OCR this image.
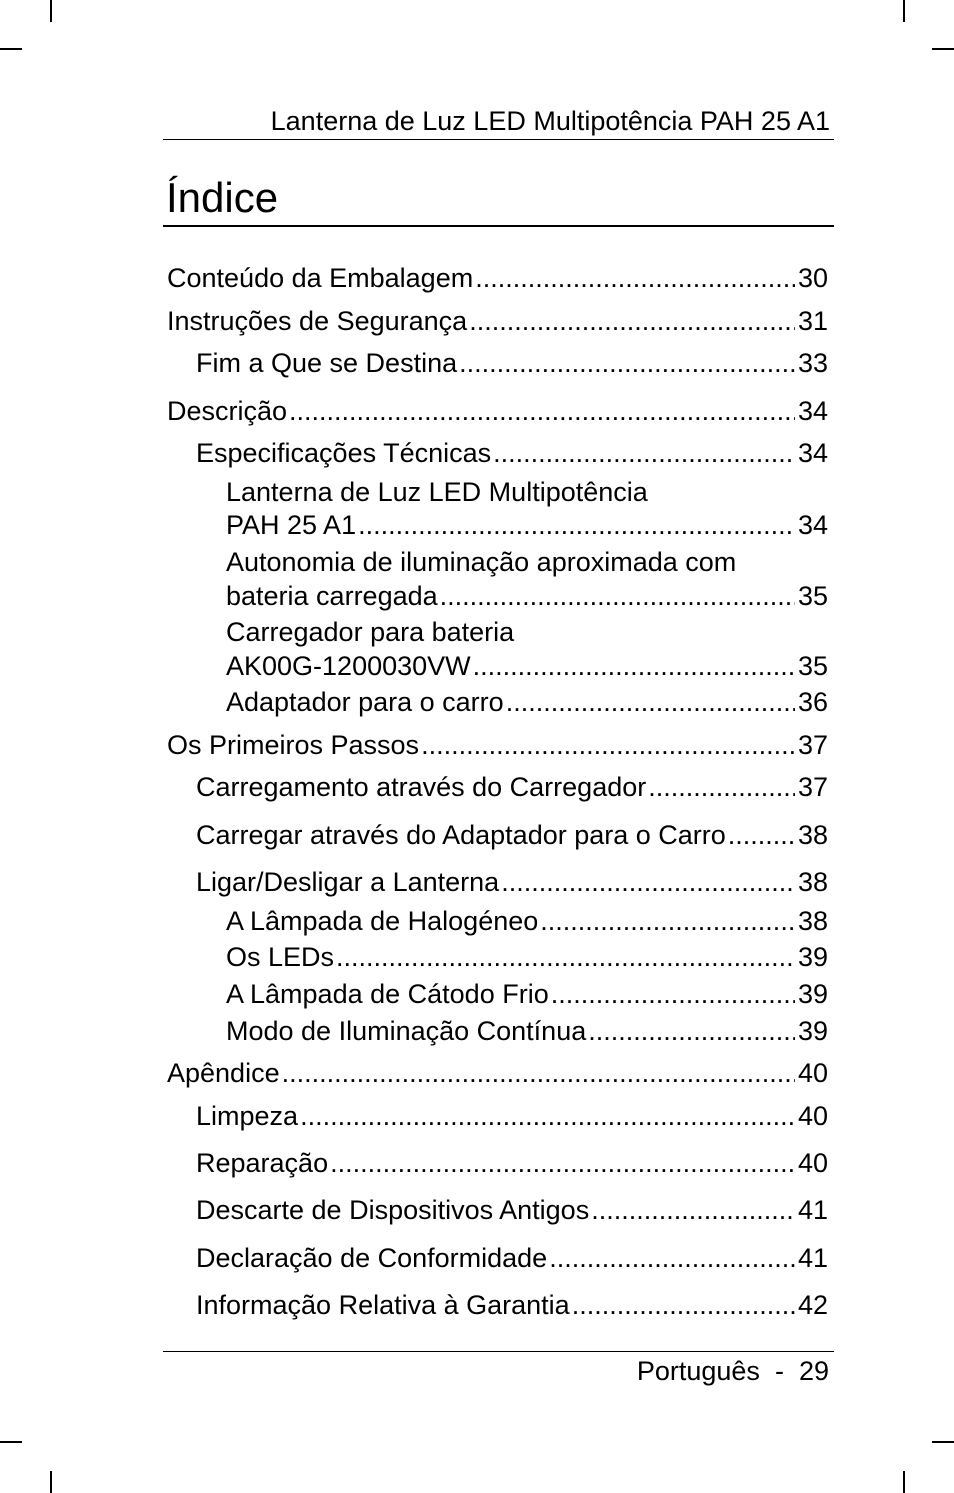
Lanterna de Luz LED Multipotência PAH 25 A1
Índice
Conteúdo da Embalagem .....	30
Instruções de Segurança .....	31
Fim a Que se Destina .....	33
Descrição .....	34
Especificações Técnicas .....	34
Lanterna de Luz LED Multipotência
PAH 25 A1 .....	34
Autonomia de iluminação aproximada com
bateria carregada .....	35
Carregador para bateria
AK00G-1200030VW .....	35
Adaptador para o carro .....	36
Os Primeiros Passos .....	37
Carregamento através do Carregador .....	37
Carregar através do Adaptador para o Carro .....	38
Ligar/Desligar a Lanterna .....	38
A Lâmpada de Halogéneo .....	38
Os LEDs .....	39
A Lâmpada de Cátodo Frio .....	39
Modo de Iluminação Contínua .....	39
Apêndice .....	40
Limpeza .....	40
Reparação .....	40
Descarte de Dispositivos Antigos .....	41
Declaração de Conformidade .....	41
Informação Relativa à Garantia .....	42
Português - 29
